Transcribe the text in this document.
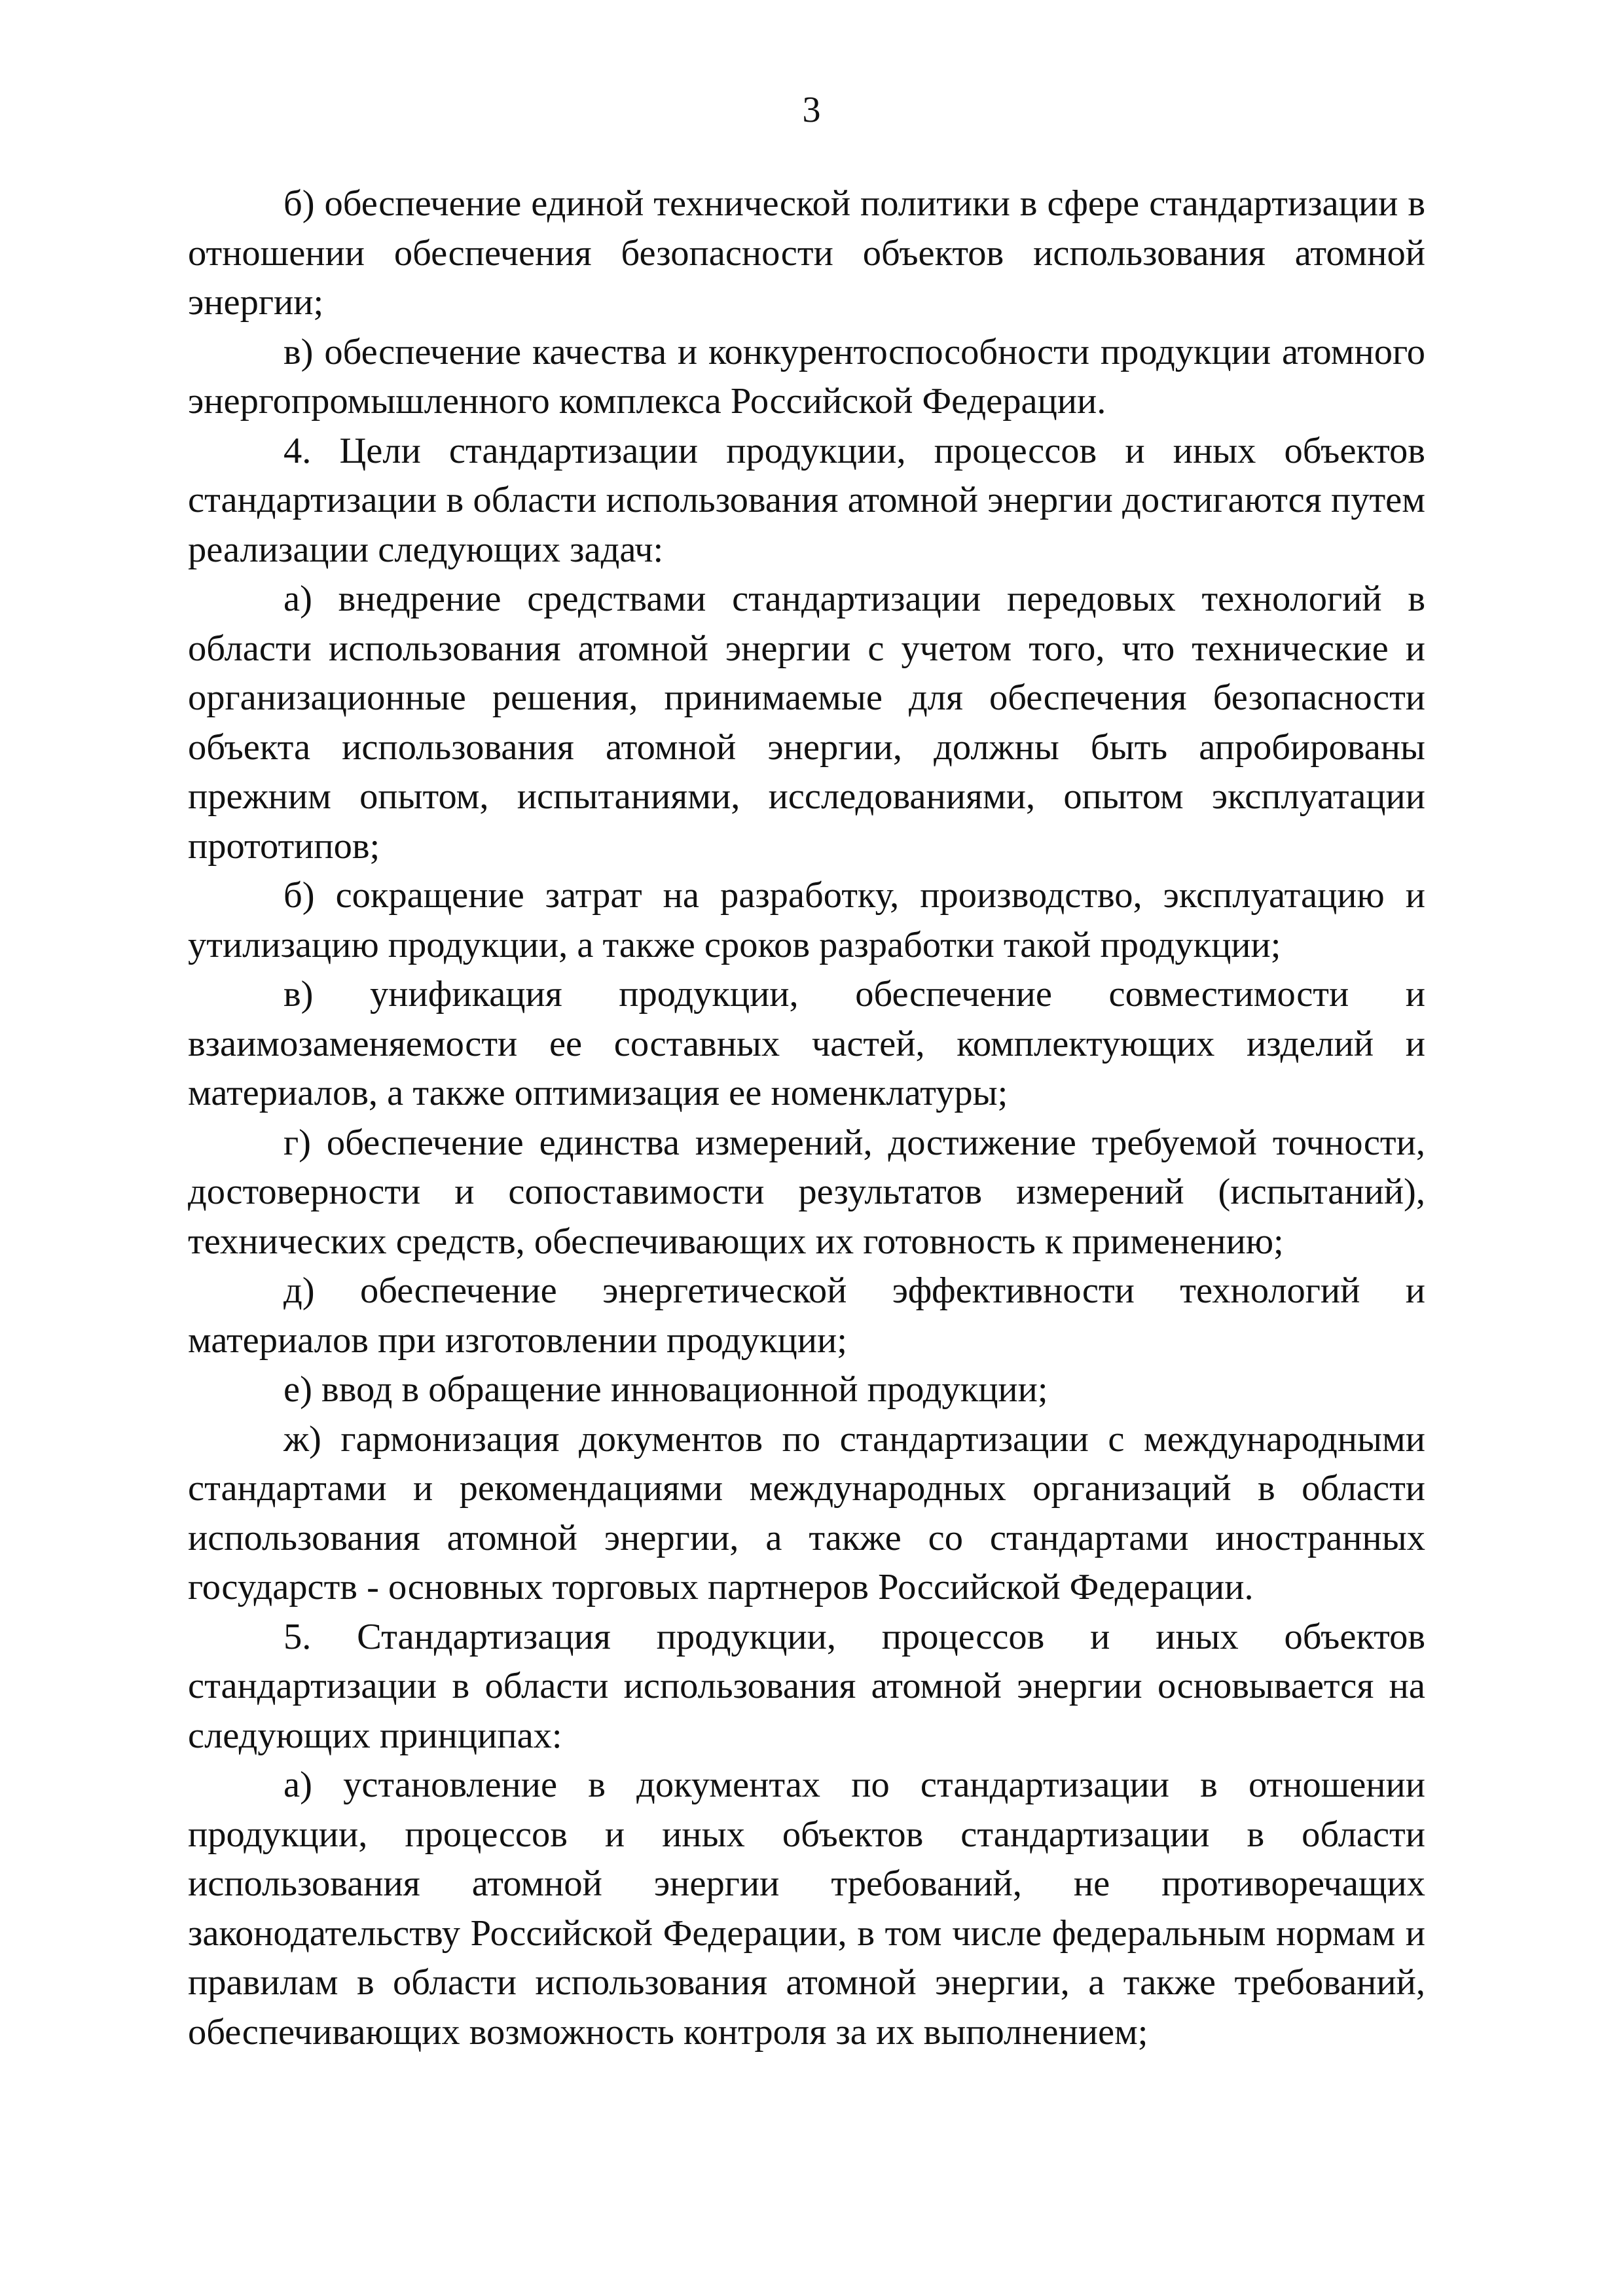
3

б) обеспечение единой технической политики в сфере стандартизации в отношении обеспечения безопасности объектов использования атомной энергии;

в) обеспечение качества и конкурентоспособности продукции атомного энергопромышленного комплекса Российской Федерации.

4. Цели стандартизации продукции, процессов и иных объектов стандартизации в области использования атомной энергии достигаются путем реализации следующих задач:

а) внедрение средствами стандартизации передовых технологий в области использования атомной энергии с учетом того, что технические и организационные решения, принимаемые для обеспечения безопасности объекта использования атомной энергии, должны быть апробированы прежним опытом, испытаниями, исследованиями, опытом эксплуатации прототипов;

б) сокращение затрат на разработку, производство, эксплуатацию и утилизацию продукции, а также сроков разработки такой продукции;

в) унификация продукции, обеспечение совместимости и взаимозаменяемости ее составных частей, комплектующих изделий и материалов, а также оптимизация ее номенклатуры;

г) обеспечение единства измерений, достижение требуемой точности, достоверности и сопоставимости результатов измерений (испытаний), технических средств, обеспечивающих их готовность к применению;

д) обеспечение энергетической эффективности технологий и материалов при изготовлении продукции;

е) ввод в обращение инновационной продукции;

ж) гармонизация документов по стандартизации с международными стандартами и рекомендациями международных организаций в области использования атомной энергии, а также со стандартами иностранных государств - основных торговых партнеров Российской Федерации.

5. Стандартизация продукции, процессов и иных объектов стандартизации в области использования атомной энергии основывается на следующих принципах:

а) установление в документах по стандартизации в отношении продукции, процессов и иных объектов стандартизации в области использования атомной энергии требований, не противоречащих законодательству Российской Федерации, в том числе федеральным нормам и правилам в области использования атомной энергии, а также требований, обеспечивающих возможность контроля за их выполнением;
